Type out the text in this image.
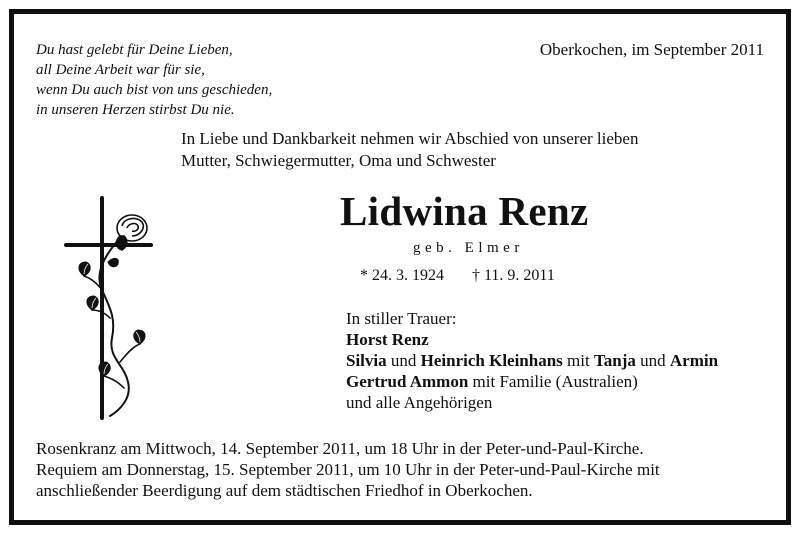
Du hast gelebt für Deine Lieben,
all Deine Arbeit war für sie,
wenn Du auch bist von uns geschieden,
in unseren Herzen stirbst Du nie.
Oberkochen, im September 2011
In Liebe und Dankbarkeit nehmen wir Abschied von unserer lieben
Mutter, Schwiegermutter, Oma und Schwester
Lidwina Renz
geb. Elmer
* 24. 3. 1924 † 11. 9. 2011
In stiller Trauer:
Horst Renz
Silvia und Heinrich Kleinhans mit Tanja und Armin
Gertrud Ammon mit Familie (Australien)
und alle Angehörigen
Rosenkranz am Mittwoch, 14. September 2011, um 18 Uhr in der Peter-und-Paul-Kirche.
Requiem am Donnerstag, 15. September 2011, um 10 Uhr in der Peter-und-Paul-Kirche mit
anschließender Beerdigung auf dem städtischen Friedhof in Oberkochen.
